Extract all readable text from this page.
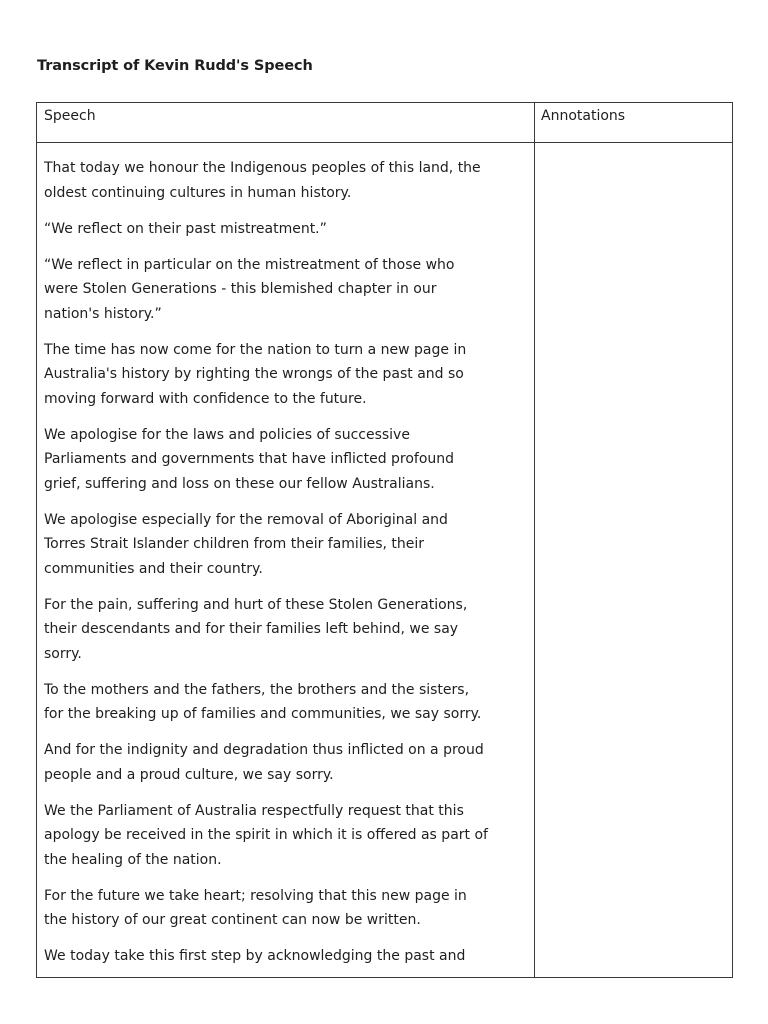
Transcript of Kevin Rudd's Speech
Speech	Annotations

That today we honour the Indigenous peoples of this land, the
oldest continuing cultures in human history.

“We reflect on their past mistreatment.”

“We reflect in particular on the mistreatment of those who
were Stolen Generations - this blemished chapter in our
nation's history.”

The time has now come for the nation to turn a new page in
Australia's history by righting the wrongs of the past and so
moving forward with confidence to the future.

We apologise for the laws and policies of successive
Parliaments and governments that have inflicted profound
grief, suffering and loss on these our fellow Australians.

We apologise especially for the removal of Aboriginal and
Torres Strait Islander children from their families, their
communities and their country.

For the pain, suffering and hurt of these Stolen Generations,
their descendants and for their families left behind, we say
sorry.

To the mothers and the fathers, the brothers and the sisters,
for the breaking up of families and communities, we say sorry.

And for the indignity and degradation thus inflicted on a proud
people and a proud culture, we say sorry.

We the Parliament of Australia respectfully request that this
apology be received in the spirit in which it is offered as part of
the healing of the nation.

For the future we take heart; resolving that this new page in
the history of our great continent can now be written.

We today take this first step by acknowledging the past and
